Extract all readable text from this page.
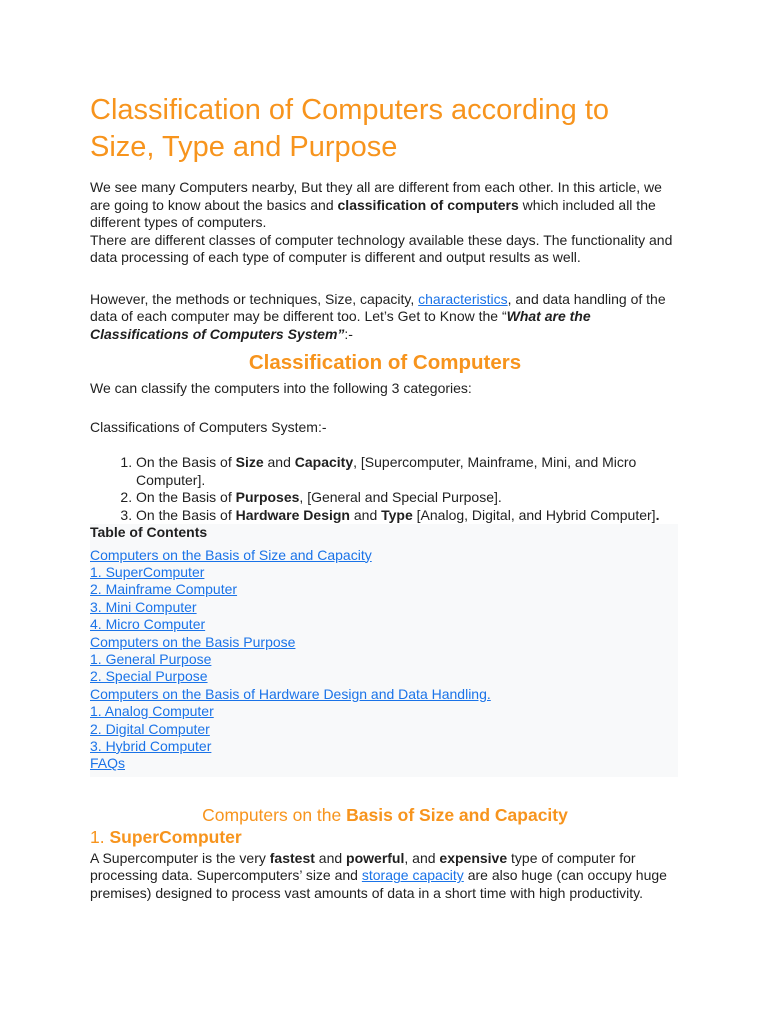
Classification of Computers according to Size, Type and Purpose

We see many Computers nearby, But they all are different from each other. In this article, we are going to know about the basics and classification of computers which included all the different types of computers.

There are different classes of computer technology available these days. The functionality and data processing of each type of computer is different and output results as well.

However, the methods or techniques, Size, capacity, characteristics, and data handling of the data of each computer may be different too. Let’s Get to Know the “What are the Classifications of Computers System”:-

Classification of Computers

We can classify the computers into the following 3 categories:

Classifications of Computers System:-

1. On the Basis of Size and Capacity, [Supercomputer, Mainframe, Mini, and Micro Computer].
2. On the Basis of Purposes, [General and Special Purpose].
3. On the Basis of Hardware Design and Type [Analog, Digital, and Hybrid Computer].
Table of Contents
Computers on the Basis of Size and Capacity
1. SuperComputer
2. Mainframe Computer
3. Mini Computer
4. Micro Computer
Computers on the Basis Purpose
1. General Purpose
2. Special Purpose
Computers on the Basis of Hardware Design and Data Handling.
1. Analog Computer
2. Digital Computer
3. Hybrid Computer
FAQs
Computers on the Basis of Size and Capacity
1. SuperComputer

A Supercomputer is the very fastest and powerful, and expensive type of computer for processing data. Supercomputers’ size and storage capacity are also huge (can occupy huge premises) designed to process vast amounts of data in a short time with high productivity.
